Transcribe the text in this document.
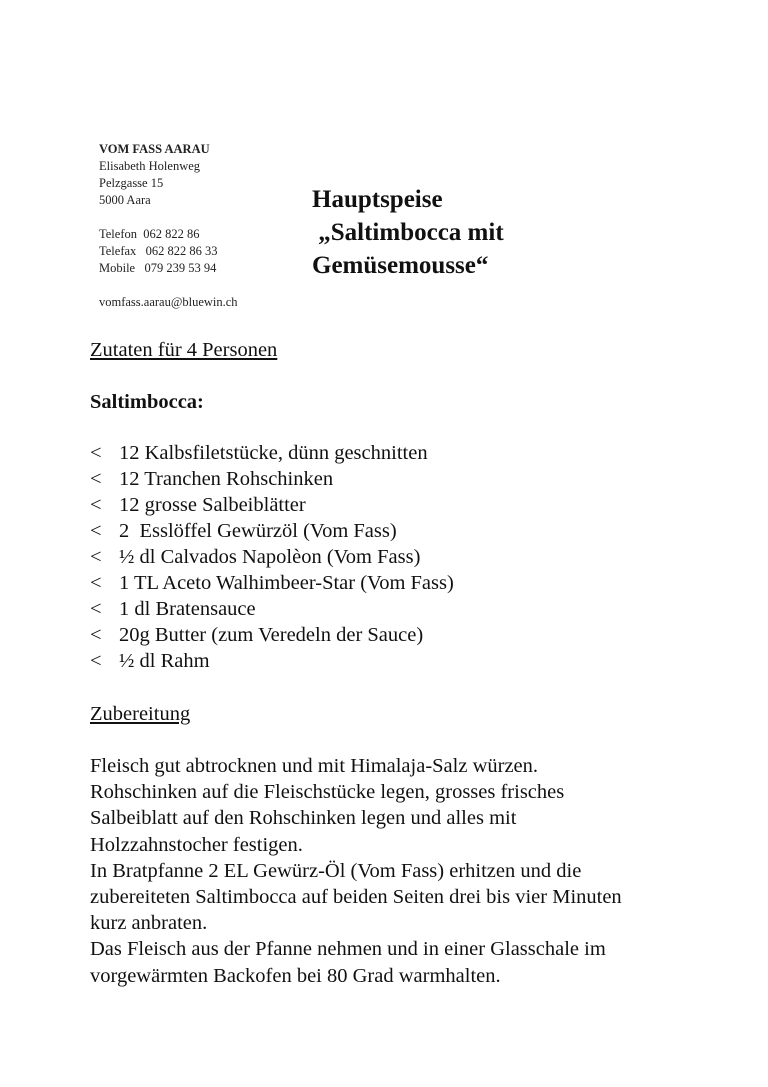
VOM FASS AARAU
Elisabeth Holenweg
Pelzgasse 15
5000 Aara
Telefon  062 822 86
Telefax   062 822 86 33
Mobile   079 239 53 94
vomfass.aarau@bluewin.ch
Hauptspeise
„Saltimbocca mit
Gemüsemousse“
Zutaten für 4 Personen
Saltimbocca:
< 12 Kalbsfiletstücke, dünn geschnitten
< 12 Tranchen Rohschinken
< 12 grosse Salbeiblätter
< 2  Esslöffel Gewürzöl (Vom Fass)
< ½ dl Calvados Napolèon (Vom Fass)
< 1 TL Aceto Walhimbeer-Star (Vom Fass)
< 1 dl Bratensauce
< 20g Butter (zum Veredeln der Sauce)
< ½ dl Rahm
Zubereitung
Fleisch gut abtrocknen und mit Himalaja-Salz würzen.
Rohschinken auf die Fleischstücke legen, grosses frisches
Salbeiblatt auf den Rohschinken legen und alles mit
Holzzahnstocher festigen.
In Bratpfanne 2 EL Gewürz-Öl (Vom Fass) erhitzen und die
zubereiteten Saltimbocca auf beiden Seiten drei bis vier Minuten
kurz anbraten.
Das Fleisch aus der Pfanne nehmen und in einer Glasschale im
vorgewärmten Backofen bei 80 Grad warmhalten.
